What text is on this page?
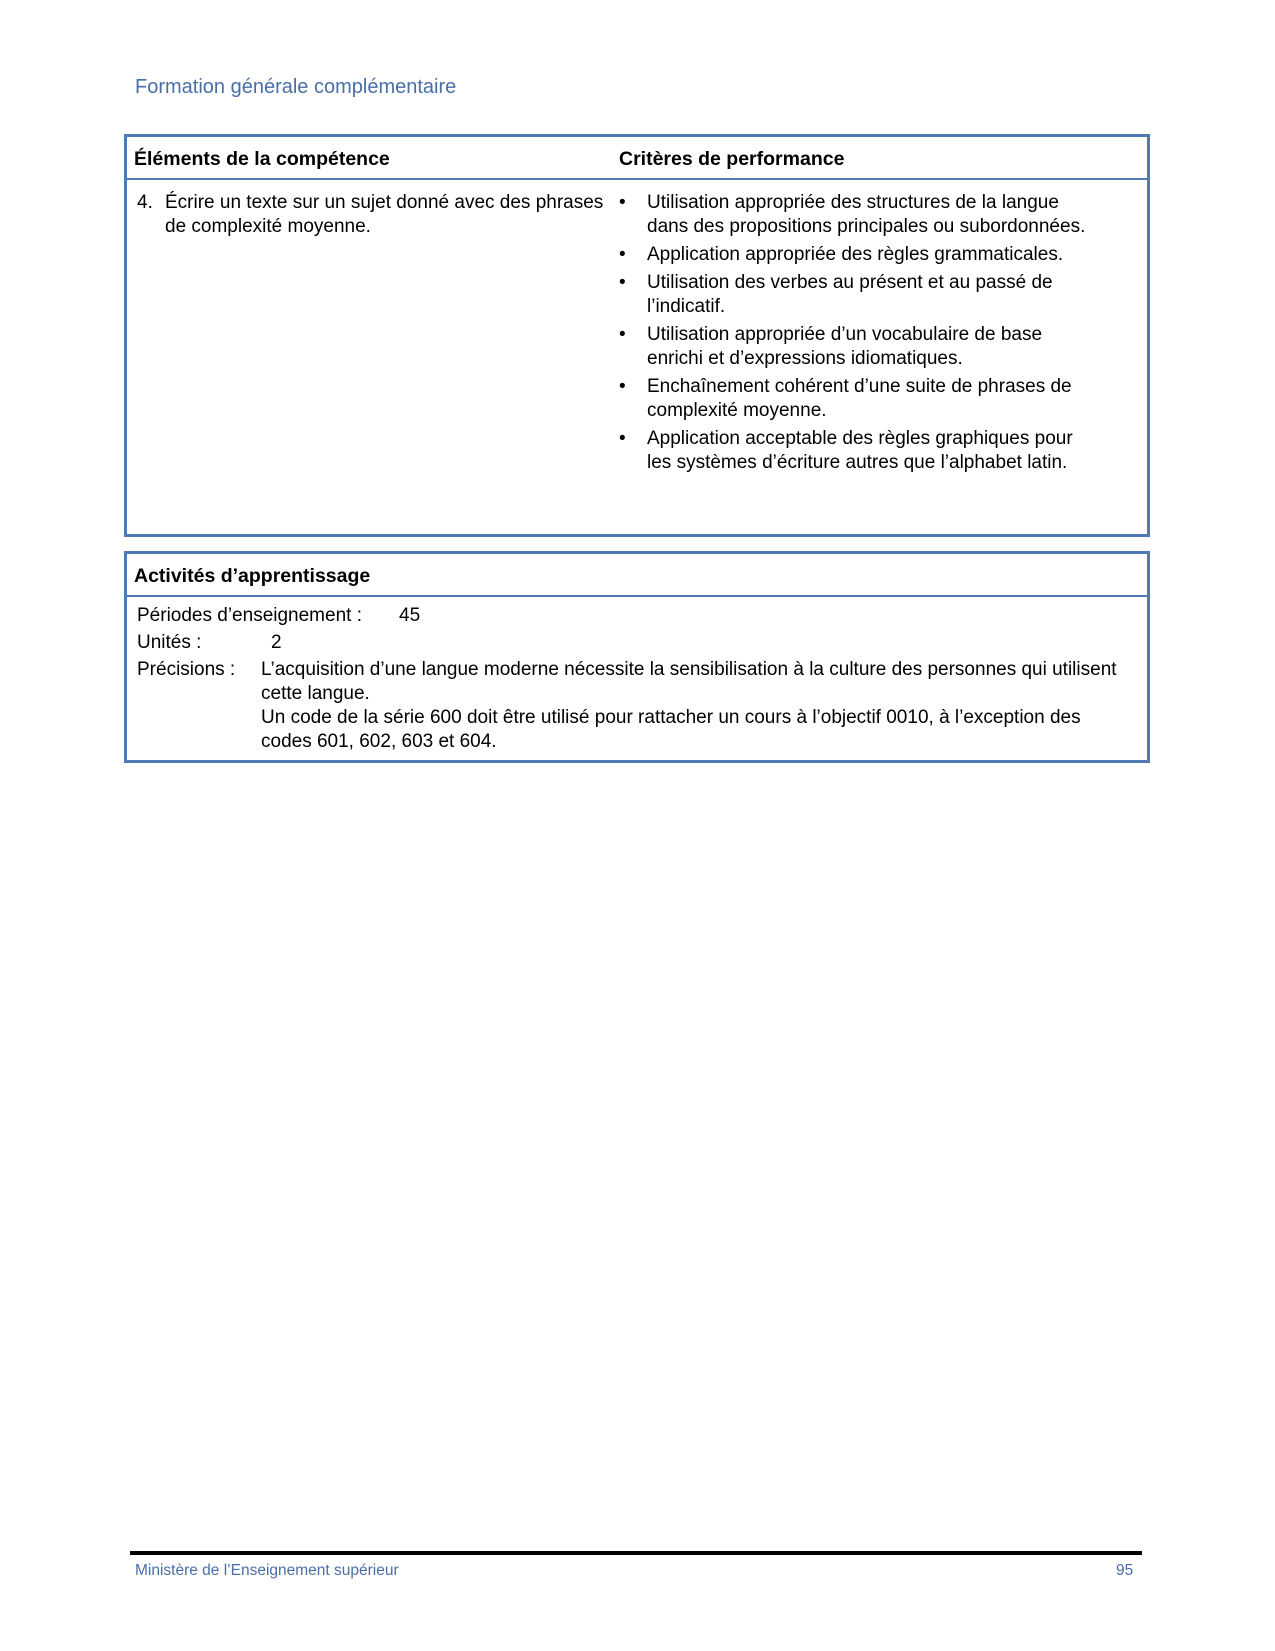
Formation générale complémentaire
Éléments de la compétence	Critères de performance
4. Écrire un texte sur un sujet donné avec des phrases de complexité moyenne.
• Utilisation appropriée des structures de la langue dans des propositions principales ou subordonnées.
• Application appropriée des règles grammaticales.
• Utilisation des verbes au présent et au passé de l’indicatif.
• Utilisation appropriée d’un vocabulaire de base enrichi et d’expressions idiomatiques.
• Enchaînement cohérent d’une suite de phrases de complexité moyenne.
• Application acceptable des règles graphiques pour les systèmes d’écriture autres que l’alphabet latin.
Activités d’apprentissage
Périodes d’enseignement : 45
Unités :	2
Précisions : L’acquisition d’une langue moderne nécessite la sensibilisation à la culture des personnes qui utilisent cette langue.
Un code de la série 600 doit être utilisé pour rattacher un cours à l’objectif 0010, à l’exception des codes 601, 602, 603 et 604.
Ministère de l’Enseignement supérieur	95
